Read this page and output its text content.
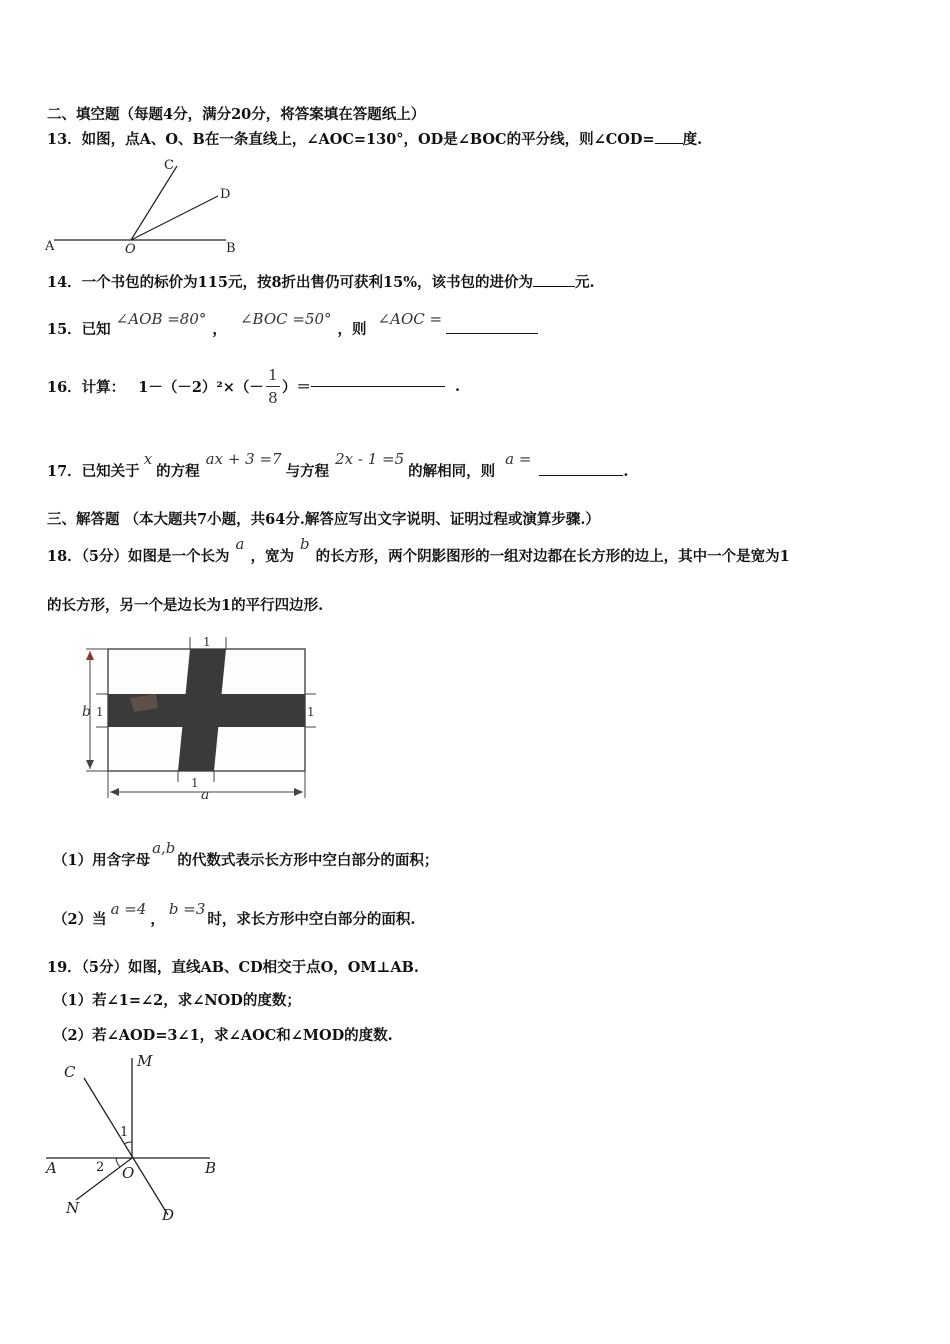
二、填空题（每题4分，满分20分，将答案填在答题纸上）
13．如图，点A、O、B在一条直线上，∠AOC=130°，OD是∠BOC的平分线，则∠COD= 度.
C
D
A	O	B
14．一个书包的标价为115元，按8折出售仍可获利15%，该书包的进价为	元.
15．已知 ∠AOB =80°， ∠BOC =50°，则 ∠AOC =
16．计算： $1-(-2)^2\times(- \frac{1}{8}$ ）＝	.
17．已知关于x的方程ax + 3 =7与方程2x - 1 =5的解相同，则a =.
三、解答题 （本大题共7小题，共64分.解答应写出文字说明、证明过程或演算步骤.）
18．（5分）如图是一个长为a，宽为b的长方形，两个阴影图形的一组对边都在长方形的边上，其中一个是宽为1
的长方形，另一个是边长为1的平行四边形.
1
1	1
1
b
a
（1）用含字母a,b的代数式表示长方形中空白部分的面积；
（2）当a =4，b =3时，求长方形中空白部分的面积.
19．（5分）如图，直线AB、CD相交于点O，OM⊥AB.
（1）若∠1=∠2，求∠NOD的度数；
（2）若∠AOD=3∠1，求∠AOC和∠MOD的度数.
C
M
1
A	2 O	B
N	D
